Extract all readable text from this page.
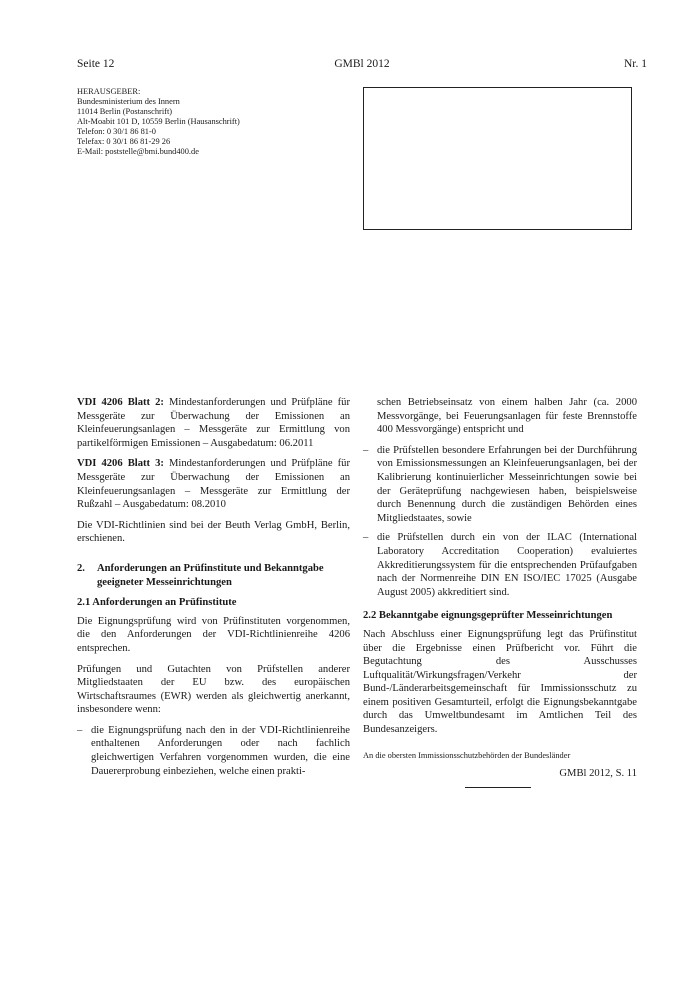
Seite 12	GMBl 2012	Nr. 1
HERAUSGEBER:
Bundesministerium des Innern
11014 Berlin (Postanschrift)
Alt-Moabit 101 D, 10559 Berlin (Hausanschrift)
Telefon: 0 30/1 86 81-0
Telefax: 0 30/1 86 81-29 26
E-Mail: poststelle@bmi.bund400.de

VDI 4206 Blatt 2: Mindestanforderungen und Prüfpläne für Messgeräte zur Überwachung der Emissionen an Kleinfeuerungsanlagen – Messgeräte zur Ermittlung von partikelförmigen Emissionen – Ausgabedatum: 06.2011

VDI 4206 Blatt 3: Mindestanforderungen und Prüfpläne für Messgeräte zur Überwachung der Emissionen an Kleinfeuerungsanlagen – Messgeräte zur Ermittlung der Rußzahl – Ausgabedatum: 08.2010

Die VDI-Richtlinien sind bei der Beuth Verlag GmbH, Berlin, erschienen.

2.	Anforderungen an Prüfinstitute und Bekanntgabe geeigneter Messeinrichtungen
2.1 Anforderungen an Prüfinstitute

Die Eignungsprüfung wird von Prüfinstituten vorgenommen, die den Anforderungen der VDI-Richtlinienreihe 4206 entsprechen.

Prüfungen und Gutachten von Prüfstellen anderer Mitgliedstaaten der EU bzw. des europäischen Wirtschaftsraumes (EWR) werden als gleichwertig anerkannt, insbesondere wenn:

– die Eignungsprüfung nach den in der VDI-Richtlinienreihe enthaltenen Anforderungen oder nach fachlich gleichwertigen Verfahren vorgenommen wurden, die eine Dauererprobung einbeziehen, welche einen prakti-

schen Betriebseinsatz von einem halben Jahr (ca. 2000 Messvorgänge, bei Feuerungsanlagen für feste Brennstoffe 400 Messvorgänge) entspricht und

– die Prüfstellen besondere Erfahrungen bei der Durchführung von Emissionsmessungen an Kleinfeuerungsanlagen, bei der Kalibrierung kontinuierlicher Messeinrichtungen sowie bei der Geräteprüfung nachgewiesen haben, beispielsweise durch Benennung durch die zuständigen Behörden eines Mitgliedstaates, sowie
– die Prüfstellen durch ein von der ILAC (International Laboratory Accreditation Cooperation) evaluiertes Akkreditierungssystem für die entsprechenden Prüfaufgaben nach der Normenreihe DIN EN ISO/IEC 17025 (Ausgabe August 2005) akkreditiert sind.
2.2 Bekanntgabe eignungsgeprüfter Messeinrichtungen

Nach Abschluss einer Eignungsprüfung legt das Prüfinstitut über die Ergebnisse einen Prüfbericht vor. Führt die Begutachtung des Ausschusses Luftqualität/Wirkungsfragen/Verkehr der Bund-/Länderarbeitsgemeinschaft für Immissionsschutz zu einem positiven Gesamturteil, erfolgt die Eignungsbekanntgabe durch das Umweltbundesamt im Amtlichen Teil des Bundesanzeigers.

An die obersten Immissionsschutzbehörden der Bundesländer
GMBl 2012, S. 11
